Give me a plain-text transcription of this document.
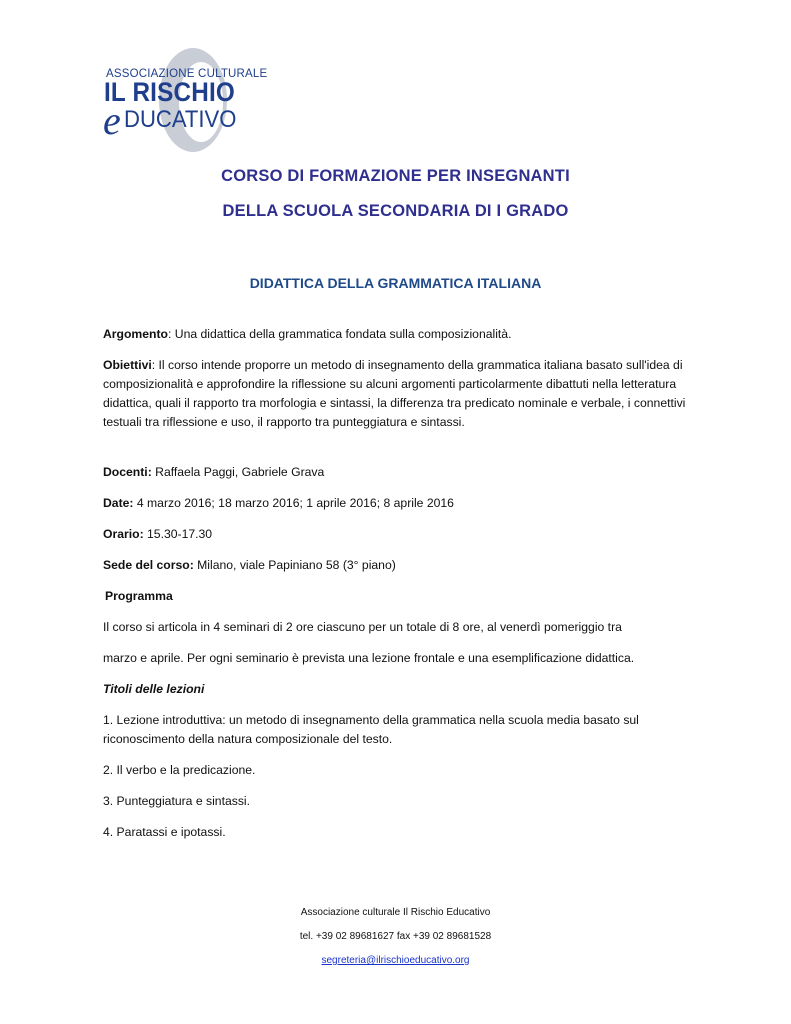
ASSOCIAZIONE CULTURALE
IL RISCHIO
e DUCATIVO
CORSO DI FORMAZIONE PER INSEGNANTI
DELLA SCUOLA SECONDARIA DI I GRADO
DIDATTICA DELLA GRAMMATICA ITALIANA
Argomento: Una didattica della grammatica fondata sulla composizionalità.
Obiettivi: Il corso intende proporre un metodo di insegnamento della grammatica italiana basato sull'idea di composizionalità e approfondire la riflessione su alcuni argomenti particolarmente dibattuti nella letteratura didattica, quali il rapporto tra morfologia e sintassi, la differenza tra predicato nominale e verbale, i connettivi testuali tra riflessione e uso, il rapporto tra punteggiatura e sintassi.
Docenti: Raffaela Paggi, Gabriele Grava
Date: 4 marzo 2016; 18 marzo 2016; 1 aprile 2016; 8 aprile 2016
Orario: 15.30-17.30
Sede del corso: Milano, viale Papiniano 58 (3° piano)
Programma
Il corso si articola in 4 seminari di 2 ore ciascuno per un totale di 8 ore, al venerdì pomeriggio tra
marzo e aprile. Per ogni seminario è prevista una lezione frontale e una esemplificazione didattica.
Titoli delle lezioni
1. Lezione introduttiva: un metodo di insegnamento della grammatica nella scuola media basato sul riconoscimento della natura composizionale del testo.
2. Il verbo e la predicazione.
3. Punteggiatura e sintassi.
4. Paratassi e ipotassi.
Associazione culturale Il Rischio Educativo
tel. +39 02 89681627 fax +39 02 89681528
segreteria@ilrischioeducativo.org
